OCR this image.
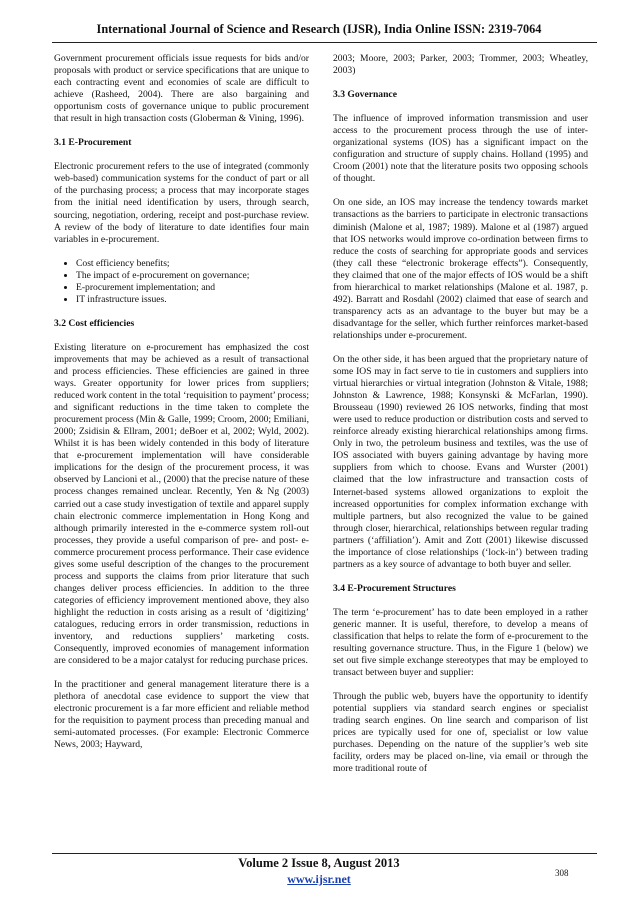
International Journal of Science and Research (IJSR), India Online ISSN: 2319-7064

Government procurement officials issue requests for bids and/or proposals with product or service specifications that are unique to each contracting event and economies of scale are difficult to achieve (Rasheed, 2004). There are also bargaining and opportunism costs of governance unique to public procurement that result in high transaction costs (Globerman & Vining, 1996).

3.1 E-Procurement

Electronic procurement refers to the use of integrated (commonly web-based) communication systems for the conduct of part or all of the purchasing process; a process that may incorporate stages from the initial need identification by users, through search, sourcing, negotiation, ordering, receipt and post-purchase review. A review of the body of literature to date identifies four main variables in e-procurement.

• Cost efficiency benefits;
• The impact of e-procurement on governance;
• E-procurement implementation; and
• IT infrastructure issues.
3.2 Cost efficiencies

Existing literature on e-procurement has emphasized the cost improvements that may be achieved as a result of transactional and process efficiencies. These efficiencies are gained in three ways. Greater opportunity for lower prices from suppliers; reduced work content in the total ‘requisition to payment’ process; and significant reductions in the time taken to complete the procurement process (Min & Galle, 1999; Croom, 2000; Emiliani, 2000; Zsidisin & Ellram, 2001; deBoer et al, 2002; Wyld, 2002). Whilst it is has been widely contended in this body of literature that e-procurement implementation will have considerable implications for the design of the procurement process, it was observed by Lancioni et al., (2000) that the precise nature of these process changes remained unclear. Recently, Yen & Ng (2003) carried out a case study investigation of textile and apparel supply chain electronic commerce implementation in Hong Kong and although primarily interested in the e-commerce system roll-out processes, they provide a useful comparison of pre- and post- e-commerce procurement process performance. Their case evidence gives some useful description of the changes to the procurement process and supports the claims from prior literature that such changes deliver process efficiencies. In addition to the three categories of efficiency improvement mentioned above, they also highlight the reduction in costs arising as a result of ‘digitizing’ catalogues, reducing errors in order transmission, reductions in inventory, and reductions suppliers’ marketing costs. Consequently, improved economies of management information are considered to be a major catalyst for reducing purchase prices.

In the practitioner and general management literature there is a plethora of anecdotal case evidence to support the view that electronic procurement is a far more efficient and reliable method for the requisition to payment process than preceding manual and semi-automated processes. (For example: Electronic Commerce News, 2003; Hayward,

2003; Moore, 2003; Parker, 2003; Trommer, 2003; Wheatley, 2003)

3.3 Governance

The influence of improved information transmission and user access to the procurement process through the use of inter-organizational systems (IOS) has a significant impact on the configuration and structure of supply chains. Holland (1995) and Croom (2001) note that the literature posits two opposing schools of thought.

On one side, an IOS may increase the tendency towards market transactions as the barriers to participate in electronic transactions diminish (Malone et al, 1987; 1989). Malone et al (1987) argued that IOS networks would improve co-ordination between firms to reduce the costs of searching for appropriate goods and services (they call these “electronic brokerage effects”). Consequently, they claimed that one of the major effects of IOS would be a shift from hierarchical to market relationships (Malone et al. 1987, p. 492). Barratt and Rosdahl (2002) claimed that ease of search and transparency acts as an advantage to the buyer but may be a disadvantage for the seller, which further reinforces market-based relationships under e-procurement.

On the other side, it has been argued that the proprietary nature of some IOS may in fact serve to tie in customers and suppliers into virtual hierarchies or virtual integration (Johnston & Vitale, 1988; Johnston & Lawrence, 1988; Konsynski & McFarlan, 1990). Brousseau (1990) reviewed 26 IOS networks, finding that most were used to reduce production or distribution costs and served to reinforce already existing hierarchical relationships among firms. Only in two, the petroleum business and textiles, was the use of IOS associated with buyers gaining advantage by having more suppliers from which to choose. Evans and Wurster (2001) claimed that the low infrastructure and transaction costs of Internet-based systems allowed organizations to exploit the increased opportunities for complex information exchange with multiple partners, but also recognized the value to be gained through closer, hierarchical, relationships between regular trading partners (‘affiliation’). Amit and Zott (2001) likewise discussed the importance of close relationships (‘lock-in’) between trading partners as a key source of advantage to both buyer and seller.

3.4 E-Procurement Structures

The term ‘e-procurement’ has to date been employed in a rather generic manner. It is useful, therefore, to develop a means of classification that helps to relate the form of e-procurement to the resulting governance structure. Thus, in the Figure 1 (below) we set out five simple exchange stereotypes that may be employed to transact between buyer and supplier:

Through the public web, buyers have the opportunity to identify potential suppliers via standard search engines or specialist trading search engines. On line search and comparison of list prices are typically used for one of, specialist or low value purchases. Depending on the nature of the supplier’s web site facility, orders may be placed on-line, via email or through the more traditional route of

Volume 2 Issue 8, August 2013
www.ijsr.net	308
